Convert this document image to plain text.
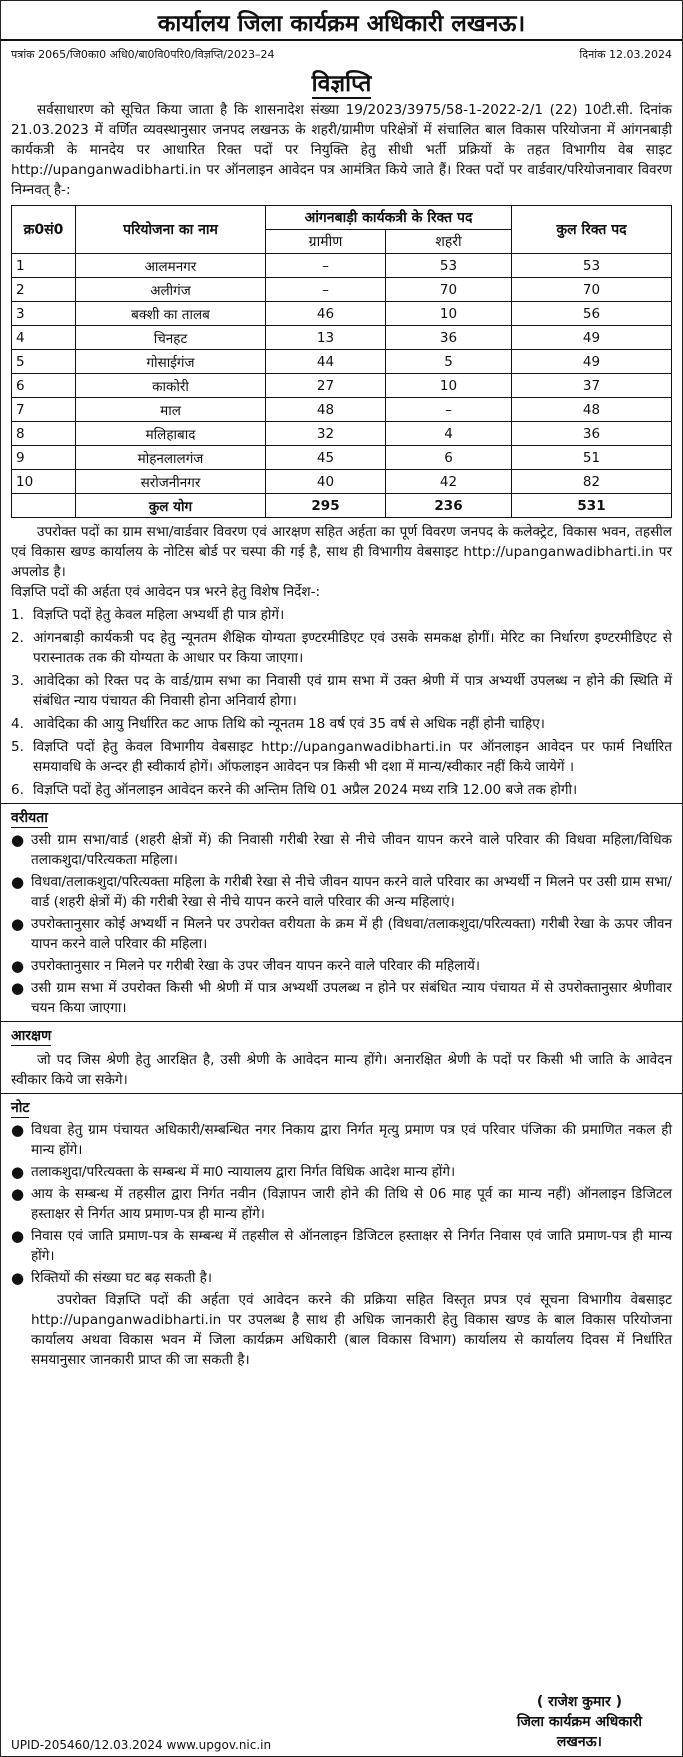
कार्यालय जिला कार्यक्रम अधिकारी लखनऊ।
पत्रांक 2065/जि0का0 अधि0/बा0वि0परि0/विज्ञप्ति/2023–24	दिनांक 12.03.2024
विज्ञप्ति

सर्वसाधारण को सूचित किया जाता है कि शासनादेश संख्या 19/2023/3975/58-1-2022-2/1 (22) 10टी.सी. दिनांक 21.03.2023 में वर्णित व्यवस्थानुसार जनपद लखनऊ के शहरी/ग्रामीण परिक्षेत्रों में संचालित बाल विकास परियोजना में आंगनबाड़ी कार्यकत्री के मानदेय पर आधारित रिक्त पदों पर नियुक्ति हेतु सीधी भर्ती प्रक्रियों के तहत विभागीय वेब साइट http://upanganwadibharti.in पर ऑनलाइन आवेदन पत्र आमंत्रित किये जाते हैं। रिक्त पदों पर वार्डवार/परियोजनावार विवरण निम्नवत् है-:

क्र0सं0	परियोजना का नाम	आंगनबाड़ी कार्यकत्री के रिक्त पद		कुल रिक्त पद
		ग्रामीण	शहरी	
1	आलमनगर	–	53	53
2	अलीगंज	–	70	70
3	बक्शी का तालब	46	10	56
4	चिनहट	13	36	49
5	गोसाईगंज	44	5	49
6	काकोरी	27	10	37
7	माल	48	–	48
8	मलिहाबाद	32	4	36
9	मोहनलालगंज	45	6	51
10	सरोजनीनगर	40	42	82
	कुल योग	295	236	531

उपरोक्त पदों का ग्राम सभा/वार्डवार विवरण एवं आरक्षण सहित अर्हता का पूर्ण विवरण जनपद के कलेक्ट्रेट, विकास भवन, तहसील एवं विकास खण्ड कार्यालय के नोटिस बोर्ड पर चस्पा की गई है, साथ ही विभागीय वेबसाइट http://upanganwadibharti.in पर अपलोड है।

विज्ञप्ति पदों की अर्हता एवं आवेदन पत्र भरने हेतु विशेष निर्देश-:

1. विज्ञप्ति पदों हेतु केवल महिला अभ्यर्थी ही पात्र होगें।
2. आंगनबाड़ी कार्यकत्री पद हेतु न्यूनतम शैक्षिक योग्यता इण्टरमीडिएट एवं उसके समकक्ष होगीं। मेरिट का निर्धारण इण्टरमीडिएट से परास्नातक तक की योग्यता के आधार पर किया जाएगा।
3. आवेदिका को रिक्त पद के वार्ड/ग्राम सभा का निवासी एवं ग्राम सभा में उक्त श्रेणी में पात्र अभ्यर्थी उपलब्ध न होने की स्थिति में संबंधित न्याय पंचायत की निवासी होना अनिवार्य होगा।
4. आवेदिका की आयु निर्धारित कट आफ तिथि को न्यूनतम 18 वर्ष एवं 35 वर्ष से अधिक नहीं होनी चाहिए।
5. विज्ञप्ति पदों हेतु केवल विभागीय वेबसाइट http://upanganwadibharti.in पर ऑनलाइन आवेदन पर फार्म निर्धारित समयावधि के अन्दर ही स्वीकार्य होगें। ऑफलाइन आवेदन पत्र किसी भी दशा में मान्य/स्वीकार नहीं किये जायेगें ।
6. विज्ञप्ति पदों हेतु ऑनलाइन आवेदन करने की अन्तिम तिथि 01 अप्रैल 2024 मध्य रात्रि 12.00 बजे तक होगी।
वरीयता
● उसी ग्राम सभा/वार्ड (शहरी क्षेत्रों में) की निवासी गरीबी रेखा से नीचे जीवन यापन करने वाले परिवार की विधवा महिला/विधिक तलाकशुदा/परित्यकता महिला।
● विधवा/तलाकशुदा/परित्यक्ता महिला के गरीबी रेखा से नीचे जीवन यापन करने वाले परिवार का अभ्यर्थी न मिलने पर उसी ग्राम सभा/वार्ड (शहरी क्षेत्रों में) की गरीबी रेखा से नीचे यापन करने वाले परिवार की अन्य महिलाएं।
● उपरोक्तानुसार कोई अभ्यर्थी न मिलने पर उपरोक्त वरीयता के क्रम में ही (विधवा/तलाकशुदा/परित्यक्ता) गरीबी रेखा के ऊपर जीवन यापन करने वाले परिवार की महिला।
● उपरोक्तानुसार न मिलने पर गरीबी रेखा के उपर जीवन यापन करने वाले परिवार की महिलायें।
● उसी ग्राम सभा में उपरोक्त किसी भी श्रेणी में पात्र अभ्यर्थी उपलब्ध न होने पर संबंधित न्याय पंचायत में से उपरोक्तानुसार श्रेणीवार चयन किया जाएगा।
आरक्षण

जो पद जिस श्रेणी हेतु आरक्षित है, उसी श्रेणी के आवेदन मान्य होंगे। अनारक्षित श्रेणी के पदों पर किसी भी जाति के आवेदन स्वीकार किये जा सकेगे।

नोट
● विधवा हेतु ग्राम पंचायत अधिकारी/सम्बन्धित नगर निकाय द्वारा निर्गत मृत्यु प्रमाण पत्र एवं परिवार पंजिका की प्रमाणित नकल ही मान्य होंगे।
● तलाकशुदा/परित्यक्ता के सम्बन्ध में मा0 न्यायालय द्वारा निर्गत विधिक आदेश मान्य होंगे।
● आय के सम्बन्ध में तहसील द्वारा निर्गत नवीन (विज्ञापन जारी होने की तिथि से 06 माह पूर्व का मान्य नहीं) ऑनलाइन डिजिटल हस्ताक्षर से निर्गत आय प्रमाण-पत्र ही मान्य होंगे।
● निवास एवं जाति प्रमाण-पत्र के सम्बन्ध में तहसील से ऑनलाइन डिजिटल हस्ताक्षर से निर्गत निवास एवं जाति प्रमाण-पत्र ही मान्य होंगे।
● रिक्तियों की संख्या घट बढ़ सकती है।

उपरोक्त विज्ञप्ति पदों की अर्हता एवं आवेदन करने की प्रक्रिया सहित विस्तृत प्रपत्र एवं सूचना विभागीय वेबसाइट http://upanganwadibharti.in पर उपलब्ध है साथ ही अधिक जानकारी हेतु विकास खण्ड के बाल विकास परियोजना कार्यालय अथवा विकास भवन में जिला कार्यक्रम अधिकारी (बाल विकास विभाग) कार्यालय से कार्यालय दिवस में निर्धारित समयानुसार जानकारी प्राप्त की जा सकती है।

UPID-205460/12.03.2024 www.upgov.nic.in
( राजेश कुमार )
जिला कार्यक्रम अधिकारी
लखनऊ।
